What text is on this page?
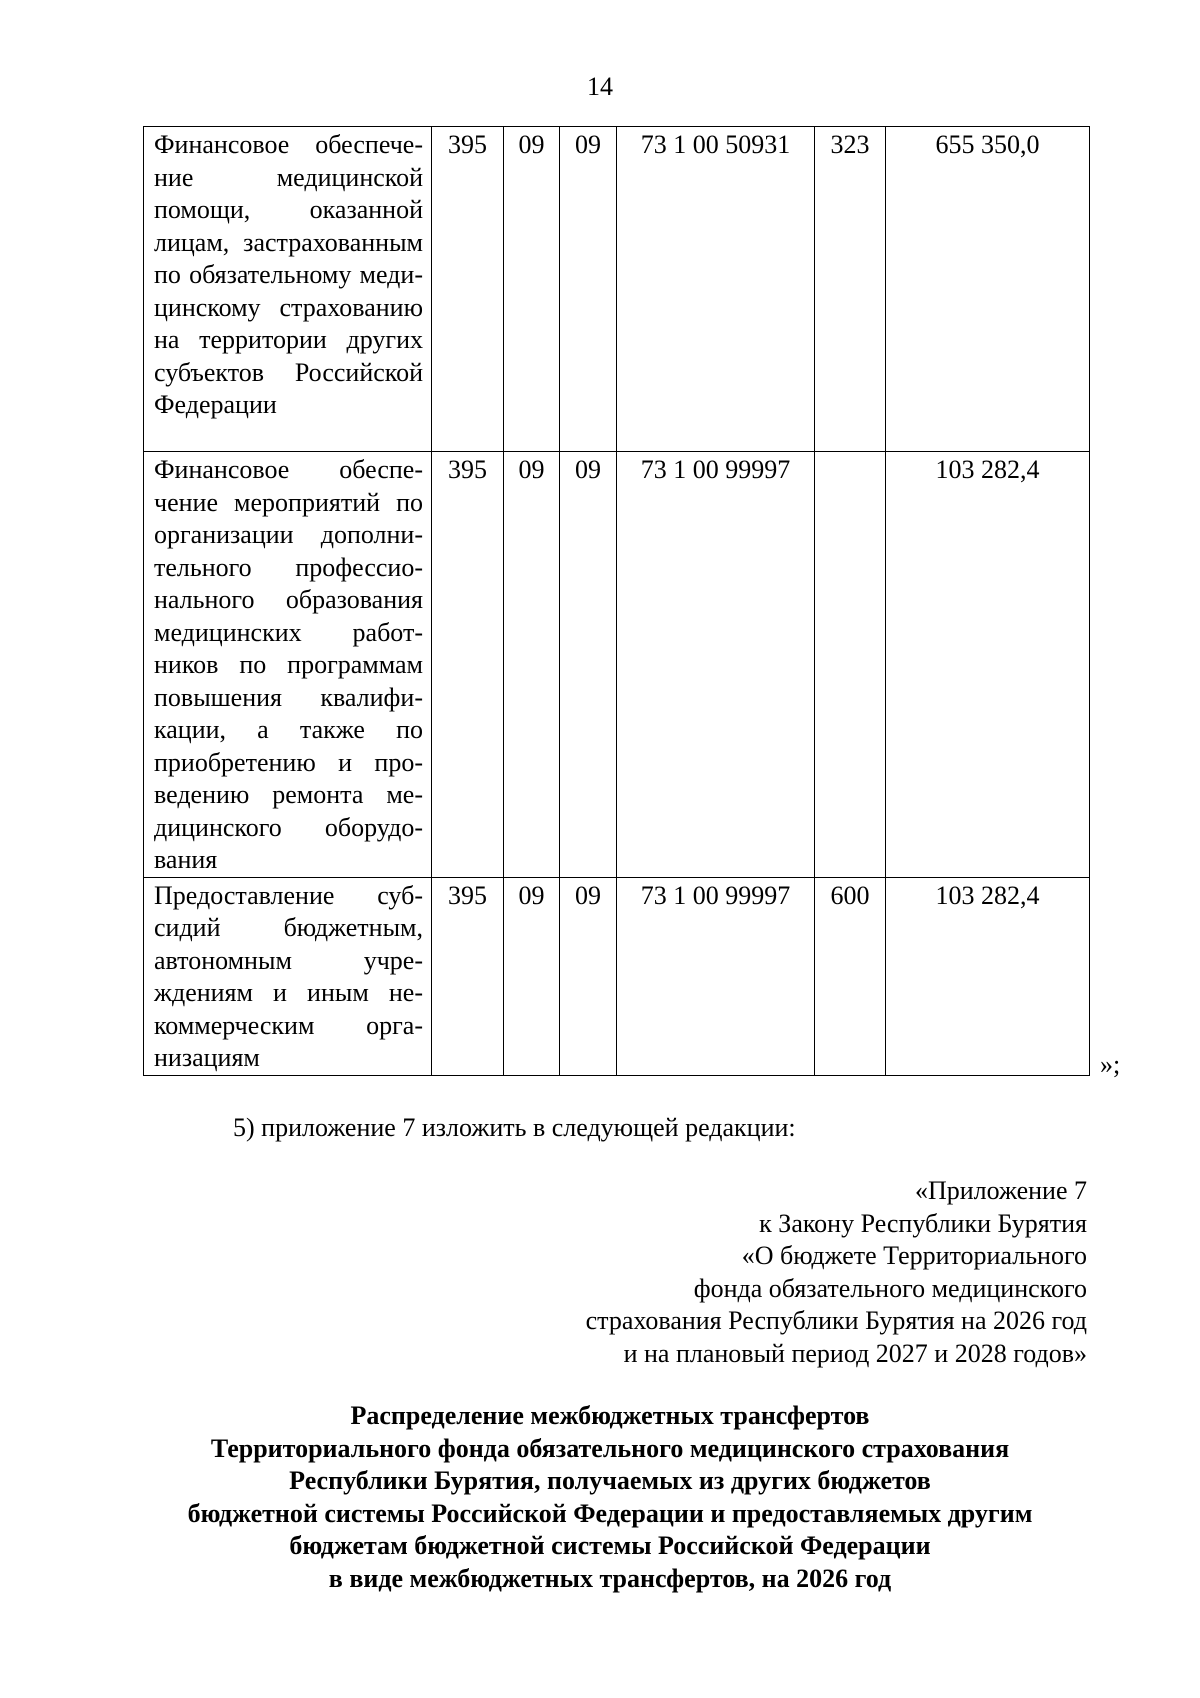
14
Финансовое обеспечение медицинской помощи, оказанной лицам, застрахованным по обязательному медицинскому страхованию на территории других субъектов Российской Федерации	395	09	09	73 1 00 50931	323	655 350,0
Финансовое обеспечение мероприятий по организации дополнительного профессионального образования медицинских работников по программам повышения квалификации, а также по приобретению и проведению ремонта медицинского оборудования	395	09	09	73 1 00 99997		103 282,4
Предоставление субсидий бюджетным, автономным учреждениям и иным некоммерческим организациям	395	09	09	73 1 00 99997	600	103 282,4
»;
5) приложение 7 изложить в следующей редакции:
«Приложение 7
к Закону Республики Бурятия
«О бюджете Территориального
фонда обязательного медицинского
страхования Республики Бурятия на 2026 год
и на плановый период 2027 и 2028 годов»
Распределение межбюджетных трансфертов
Территориального фонда обязательного медицинского страхования
Республики Бурятия, получаемых из других бюджетов
бюджетной системы Российской Федерации и предоставляемых другим
бюджетам бюджетной системы Российской Федерации
в виде межбюджетных трансфертов, на 2026 год
